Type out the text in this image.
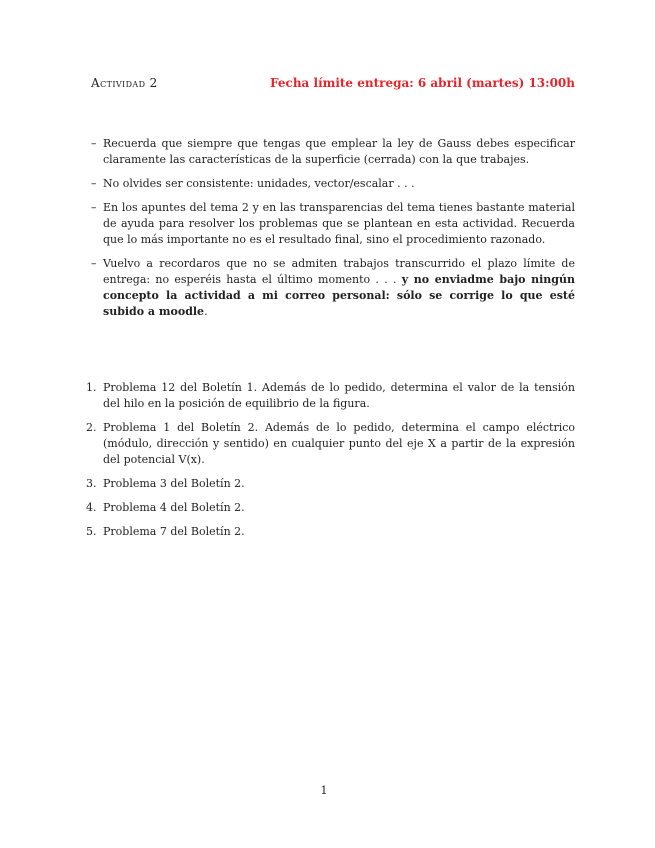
Actividad 2	Fecha límite entrega: 6 abril (martes) 13:00h
– Recuerda que siempre que tengas que emplear la ley de Gauss debes especificar claramente las características de la superficie (cerrada) con la que trabajes.
– No olvides ser consistente: unidades, vector/escalar . . .
– En los apuntes del tema 2 y en las transparencias del tema tienes bastante material de ayuda para resolver los problemas que se plantean en esta actividad. Recuerda que lo más importante no es el resultado final, sino el procedimiento razonado.
– Vuelvo a recordaros que no se admiten trabajos transcurrido el plazo límite de entrega: no esperéis hasta el último momento . . . y no enviadme bajo ningún concepto la actividad a mi correo personal: sólo se corrige lo que esté subido a moodle.
1. Problema 12 del Boletín 1. Además de lo pedido, determina el valor de la tensión del hilo en la posición de equilibrio de la figura.
2. Problema 1 del Boletín 2. Además de lo pedido, determina el campo eléctrico (módulo, dirección y sentido) en cualquier punto del eje X a partir de la expresión del potencial V(x).
3. Problema 3 del Boletín 2.
4. Problema 4 del Boletín 2.
5. Problema 7 del Boletín 2.
1
